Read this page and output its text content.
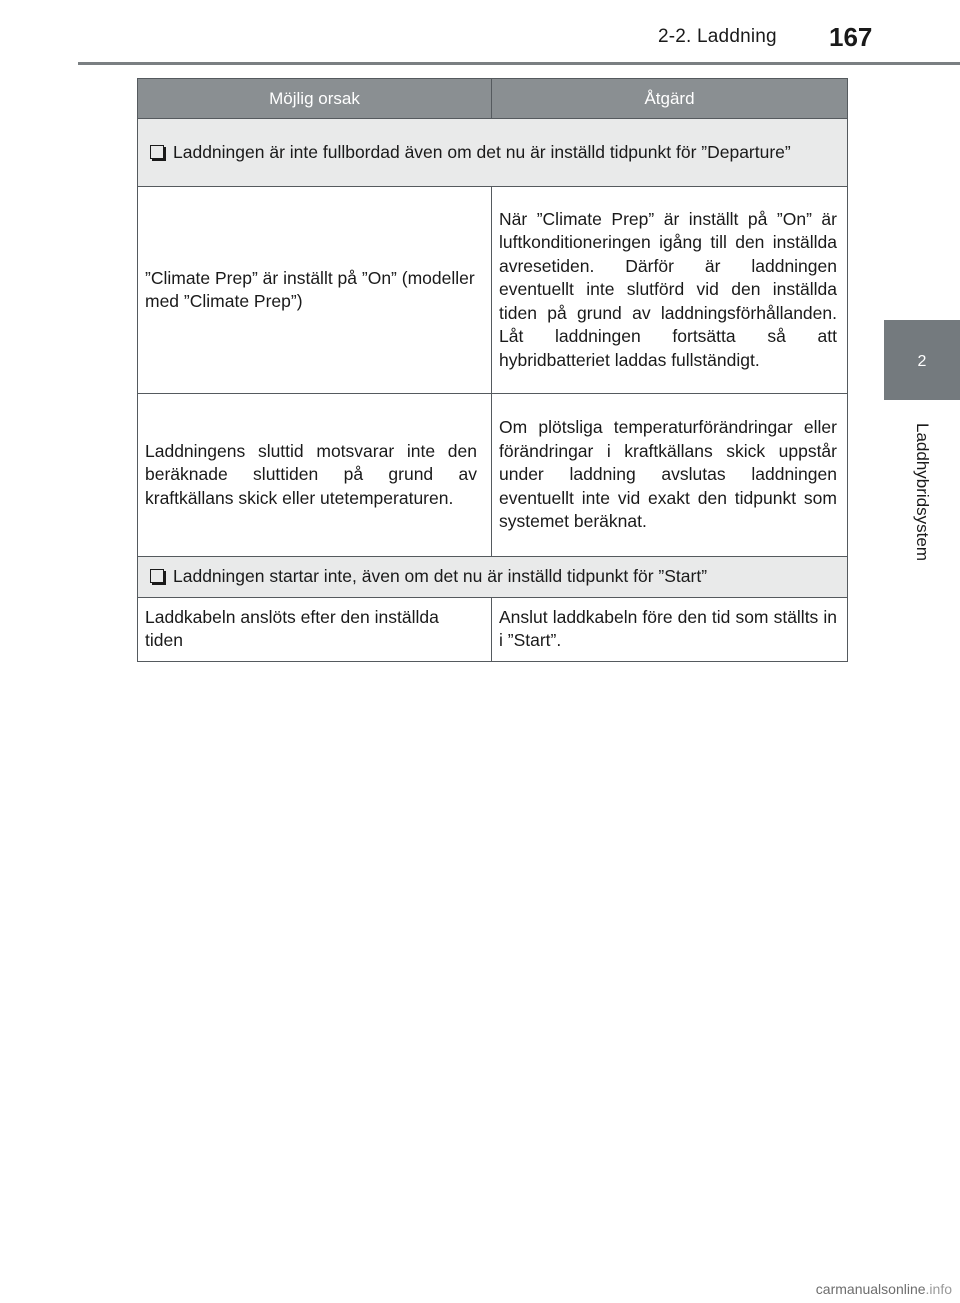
2-2. Laddning 167
2
Laddhybridsystem
Möjlig orsak	Åtgärd

Laddningen är inte fullbordad även om det nu är inställd tidpunkt för ”Departure”	

”Climate Prep” är inställt på ”On” (modeller med ”Climate Prep”)	När ”Climate Prep” är inställt på ”On” är luftkonditioneringen igång till den inställda avresetiden. Därför är laddningen eventuellt inte slutförd vid den inställda tiden på grund av laddningsförhållanden. Låt laddningen fortsätta så att hybridbatteriet laddas fullständigt.
Laddningens sluttid motsvarar inte den beräknade sluttiden på grund av kraftkällans skick eller utetemperaturen.	Om plötsliga temperaturförändringar eller förändringar i kraftkällans skick uppstår under laddning avslutas laddningen eventuellt inte vid exakt den tidpunkt som systemet beräknat.

Laddningen startar inte, även om det nu är inställd tidpunkt för ”Start”	

Laddkabeln anslöts efter den inställda tiden	Anslut laddkabeln före den tid som ställts in i ”Start”.
carmanualsonline.info
